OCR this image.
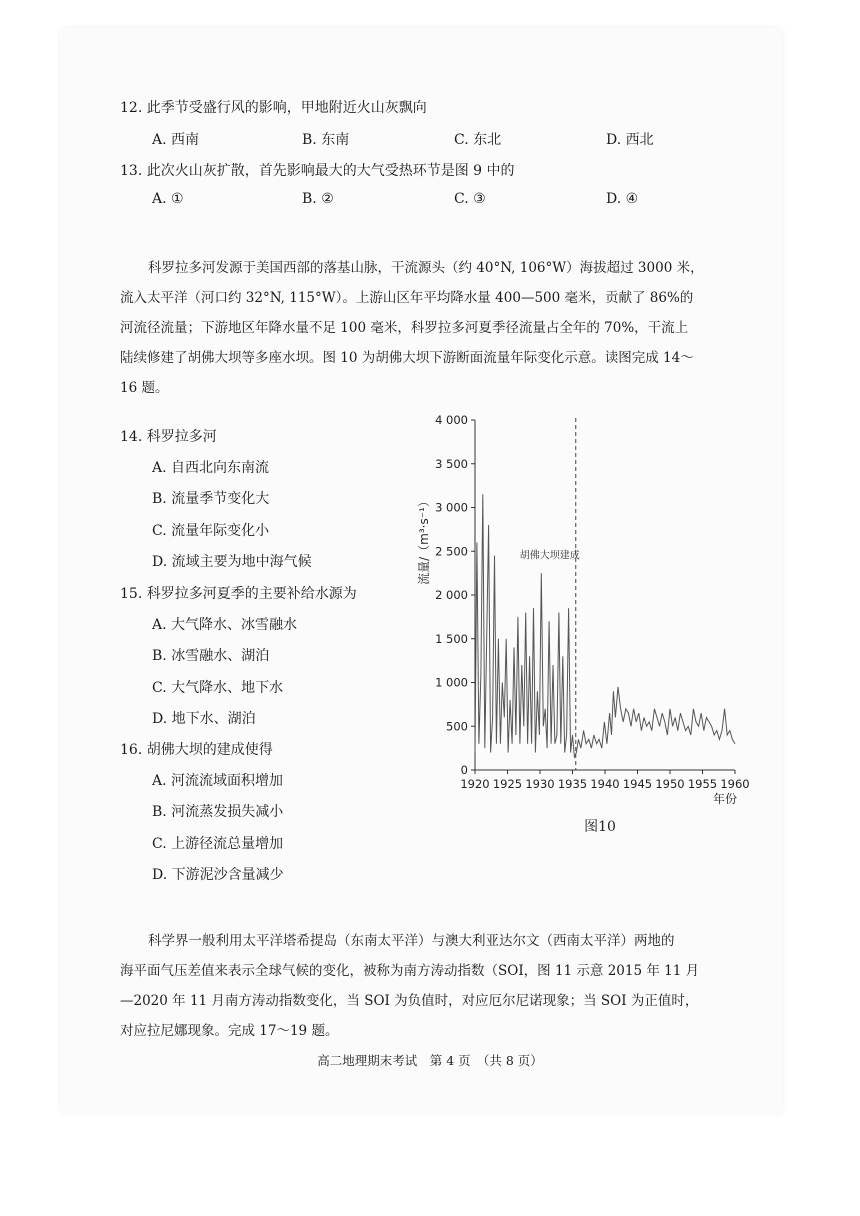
12. 此季节受盛行风的影响，甲地附近火山灰飘向
A. 西南	B. 东南	C. 东北	D. 西北
13. 此次火山灰扩散，首先影响最大的大气受热环节是图 9 中的
A. ①	B. ②	C. ③	D. ④

科罗拉多河发源于美国西部的落基山脉，干流源头（约 40°N, 106°W）海拔超过 3000 米，

流入太平洋（河口约 32°N, 115°W）。上游山区年平均降水量 400—500 毫米，贡献了 86%的

河流径流量；下游地区年降水量不足 100 毫米，科罗拉多河夏季径流量占全年的 70%，干流上

陆续修建了胡佛大坝等多座水坝。图 10 为胡佛大坝下游断面流量年际变化示意。读图完成 14～

16 题。

14. 科罗拉多河
A. 自西北向东南流
B. 流量季节变化大
C. 流量年际变化小
D. 流域主要为地中海气候
15. 科罗拉多河夏季的主要补给水源为
A. 大气降水、冰雪融水
B. 冰雪融水、湖泊
C. 大气降水、地下水
D. 地下水、湖泊
16. 胡佛大坝的建成使得
A. 河流流域面积增加
B. 河流蒸发损失减小
C. 上游径流总量增加
D. 下游泥沙含量减少
0
500
1 000
1 500
2 000
2 500
3 000
3 500
4 000
1920 1925 1930 1935 1940 1945 1950 1955 1960
胡佛大坝建成
流量/（m³·s⁻¹）
年份
图10

科学界一般利用太平洋塔希提岛（东南太平洋）与澳大利亚达尔文（西南太平洋）两地的

海平面气压差值来表示全球气候的变化，被称为南方涛动指数（SOI，图 11 示意 2015 年 11 月

—2020 年 11 月南方涛动指数变化，当 SOI 为负值时，对应厄尔尼诺现象；当 SOI 为正值时，

对应拉尼娜现象。完成 17～19 题。

高二地理期末考试　第 4 页　（共 8 页）
